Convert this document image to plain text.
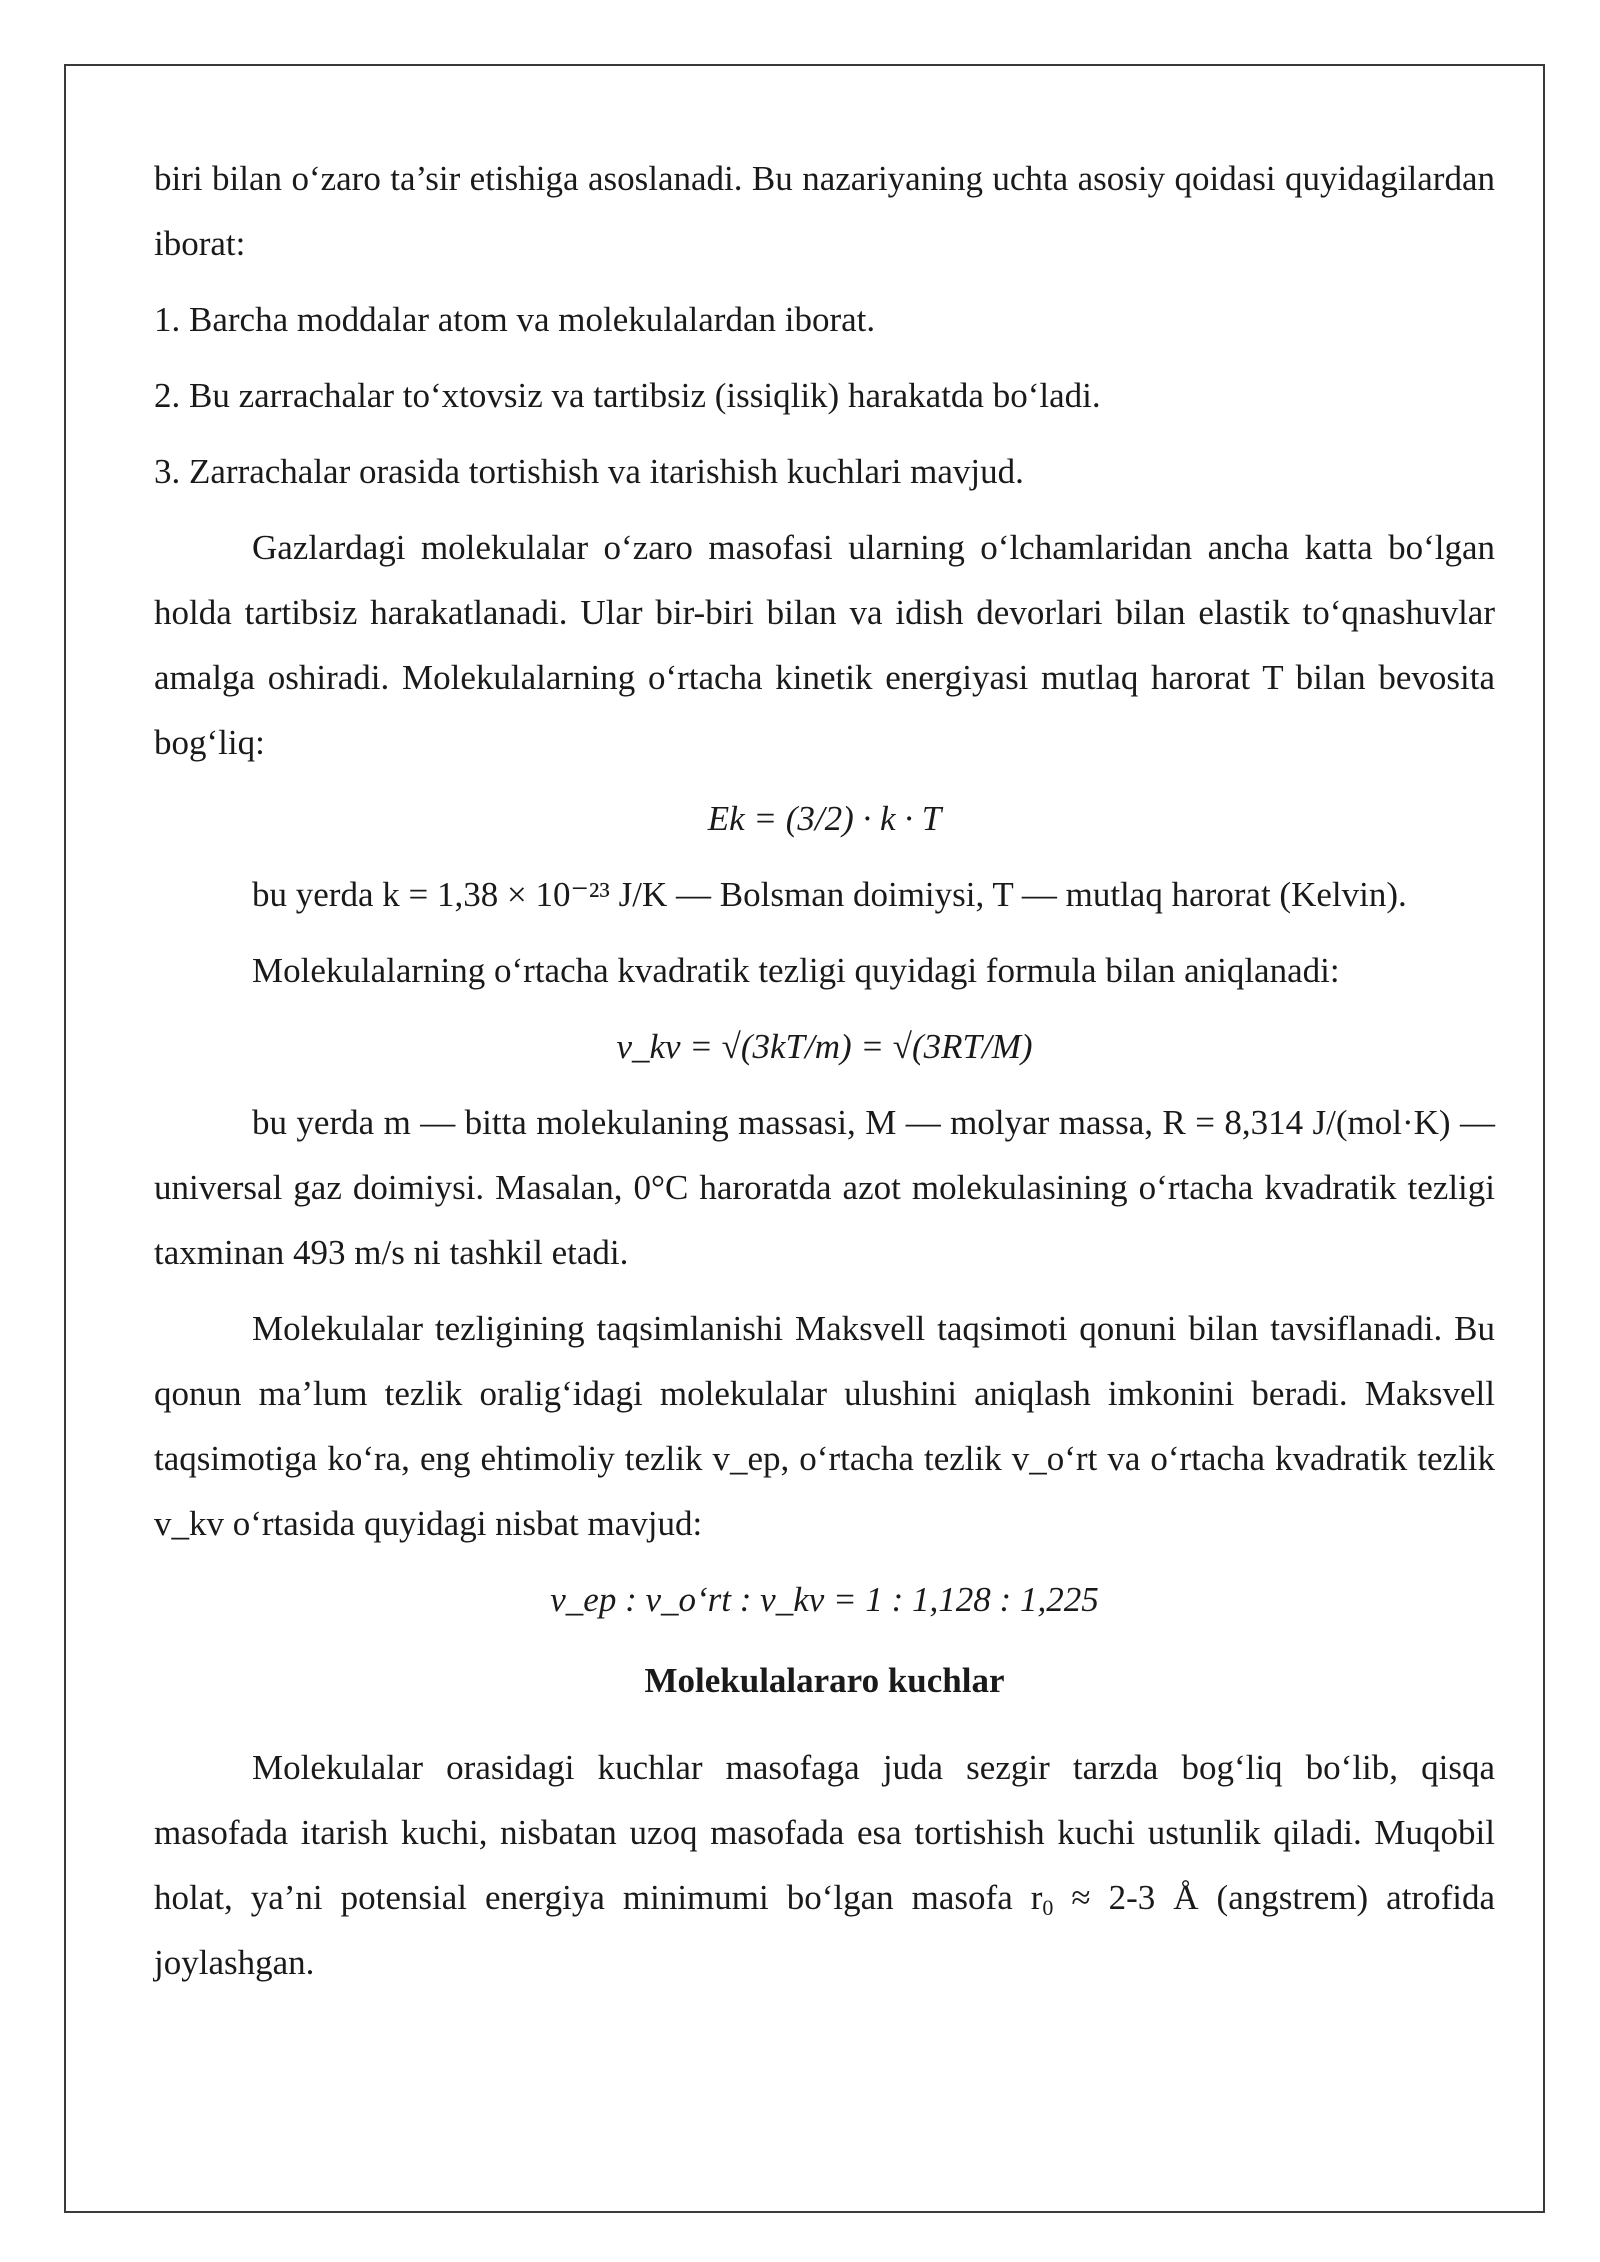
biri bilan o‘zaro ta’sir etishiga asoslanadi. Bu nazariyaning uchta asosiy qoidasi quyidagilardan iborat:

1. Barcha moddalar atom va molekulalardan iborat.

2. Bu zarrachalar to‘xtovsiz va tartibsiz (issiqlik) harakatda bo‘ladi.

3. Zarrachalar orasida tortishish va itarishish kuchlari mavjud.

Gazlardagi molekulalar o‘zaro masofasi ularning o‘lchamlaridan ancha katta bo‘lgan holda tartibsiz harakatlanadi. Ular bir-biri bilan va idish devorlari bilan elastik to‘qnashuvlar amalga oshiradi. Molekulalarning o‘rtacha kinetik energiyasi mutlaq harorat T bilan bevosita bog‘liq:

Ek = (3/2) · k · T

bu yerda k = 1,38 × 10⁻²³ J/K — Bolsman doimiysi, T — mutlaq harorat (Kelvin).

Molekulalarning o‘rtacha kvadratik tezligi quyidagi formula bilan aniqlanadi:

v_kv = √(3kT/m) = √(3RT/M)

bu yerda m — bitta molekulaning massasi, M — molyar massa, R = 8,314 J/(mol·K) — universal gaz doimiysi. Masalan, 0°C haroratda azot molekulasining o‘rtacha kvadratik tezligi taxminan 493 m/s ni tashkil etadi.

Molekulalar tezligining taqsimlanishi Maksvell taqsimoti qonuni bilan tavsiflanadi. Bu qonun ma’lum tezlik oralig‘idagi molekulalar ulushini aniqlash imkonini beradi. Maksvell taqsimotiga ko‘ra, eng ehtimoliy tezlik v_ep, o‘rtacha tezlik v_o‘rt va o‘rtacha kvadratik tezlik v_kv o‘rtasida quyidagi nisbat mavjud:

v_ep : v_o‘rt : v_kv = 1 : 1,128 : 1,225

Molekulalararo kuchlar

Molekulalar orasidagi kuchlar masofaga juda sezgir tarzda bog‘liq bo‘lib, qisqa masofada itarish kuchi, nisbatan uzoq masofada esa tortishish kuchi ustunlik qiladi. Muqobil holat, ya’ni potensial energiya minimumi bo‘lgan masofa $r_0 \approx 2-3$ Å (angstrem) atrofida joylashgan.
